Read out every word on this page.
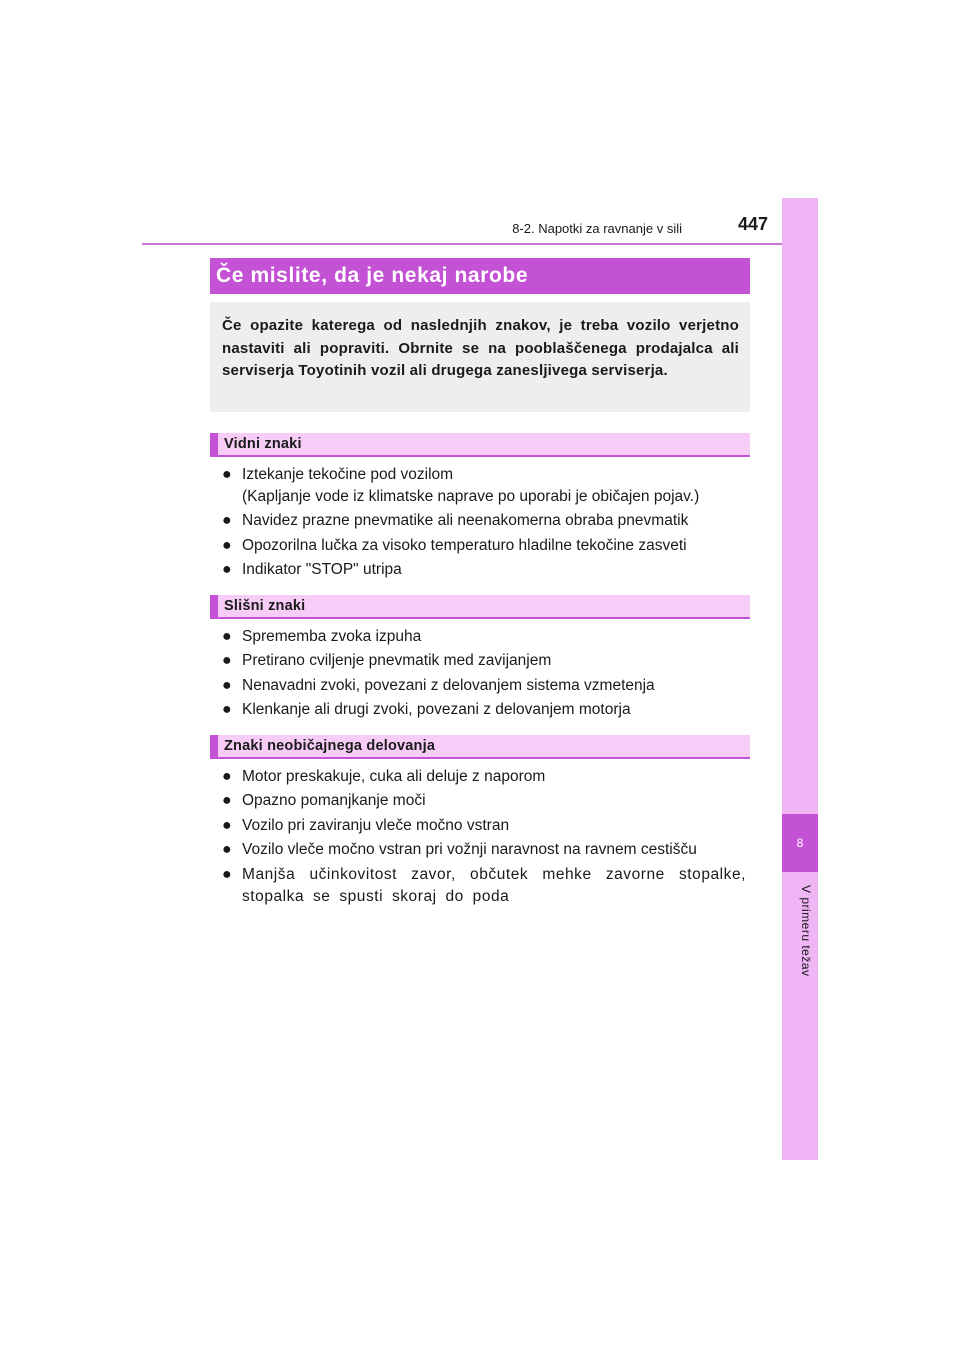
8-2. Napotki za ravnanje v sili	447
8
V primeru težav
Če mislite, da je nekaj narobe

Če opazite katerega od naslednjih znakov, je treba vozilo verjetno nastaviti ali popraviti. Obrnite se na pooblaščenega prodajalca ali serviserja Toyotinih vozil ali drugega zanesljivega serviserja.

Vidni znaki
● Iztekanje tekočine pod vozilom
(Kapljanje vode iz klimatske naprave po uporabi je običajen pojav.)
● Navidez prazne pnevmatike ali neenakomerna obraba pnevmatik
● Opozorilna lučka za visoko temperaturo hladilne tekočine zasveti
● Indikator "STOP" utripa
Slišni znaki
● Sprememba zvoka izpuha
● Pretirano cviljenje pnevmatik med zavijanjem
● Nenavadni zvoki, povezani z delovanjem sistema vzmetenja
● Klenkanje ali drugi zvoki, povezani z delovanjem motorja
Znaki neobičajnega delovanja
● Motor preskakuje, cuka ali deluje z naporom
● Opazno pomanjkanje moči
● Vozilo pri zaviranju vleče močno vstran
● Vozilo vleče močno vstran pri vožnji naravnost na ravnem cestišču
● Manjša učinkovitost zavor, občutek mehke zavorne stopalke, stopalka se spusti skoraj do poda
